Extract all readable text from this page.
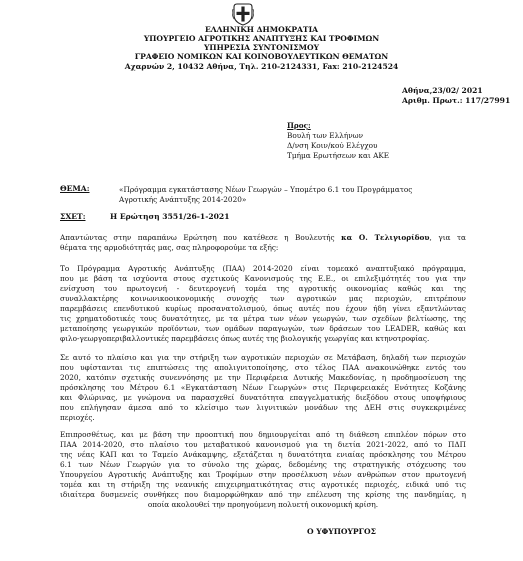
ΕΛΛΗΝΙΚΗ ΔΗΜΟΚΡΑΤΙΑ
ΥΠΟΥΡΓΕΙΟ ΑΓΡΟΤΙΚΗΣ ΑΝΑΠΤΥΞΗΣ ΚΑΙ ΤΡΟΦΙΜΩΝ
ΥΠΗΡΕΣΙΑ ΣΥΝΤΟΝΙΣΜΟΥ
ΓΡΑΦΕΙΟ ΝΟΜΙΚΩΝ ΚΑΙ ΚΟΙΝΟΒΟΥΛΕΥΤΙΚΩΝ ΘΕΜΑΤΩΝ
Αχαρνών 2, 10432 Αθήνα, Τηλ. 210-2124331, Fax: 210-2124524
Αθήνα,23/02/ 2021
Αριθμ. Πρωτ.: 117/27991
Προς:
Βουλή των Ελλήνων
Δ/νση Κοιν/κού Ελέγχου
Τμήμα Ερωτήσεων και ΑΚΕ
ΘΕΜΑ:	«Πρόγραμμα εγκατάστασης Νέων Γεωργών – Υπομέτρο 6.1 του Προγράμματος
Αγροτικής Ανάπτυξης 2014-2020»
ΣΧΕΤ:	Η Ερώτηση 3551/26-1-2021
Απαντώντας στην παραπάνω Ερώτηση που κατέθεσε η Βουλευτής κα Ο. Τελιγιορίδου, για τα
θέματα της αρμοδιότητάς μας, σας πληροφορούμε τα εξής:
Το Πρόγραμμα Αγροτικής Ανάπτυξης (ΠΑΑ) 2014-2020 είναι τομεακό αναπτυξιακό πρόγραμμα,
που με βάση τα ισχύοντα στους σχετικούς Κανονισμούς της Ε.Ε., οι επιλεξιμότητές του για την
ενίσχυση του πρωτογενή - δευτερογενή τομέα της αγροτικής οικονομίας καθώς και της
συναλλακτέρης κοινωνικοοικονομικής συνοχής των αγροτικών μας περιοχών, επιτρέπουν
παρεμβάσεις επενδυτικού κυρίως προσανατολισμού, όπως αυτές που έχουν ήδη γίνει εξαντλώντας
τις χρηματοδοτικές τους δυνατότητες, με τα μέτρα των νέων γεωργών, των σχεδίων βελτίωσης, της
μεταποίησης γεωργικών προϊόντων, των ομάδων παραγωγών, των δράσεων του LEADER, καθώς και
φιλο-γεωργοπεριβαλλοντικές παρεμβάσεις όπως αυτές της βιολογικής γεωργίας και κτηνοτροφίας.
Σε αυτό το πλαίσιο και για την στήριξη των αγροτικών περιοχών σε Μετάβαση, δηλαδή των περιοχών
που υφίστανται τις επιπτώσεις της απολιγνιτοποίησης, στο τέλος ΠΑΑ ανακοινώθηκε εντός του
2020, κατόπιν σχετικής συνεννόησης με την Περιφέρεια Δυτικής Μακεδονίας, η προδημοσίευση της
πρόσκλησης του Μέτρου 6.1 «Εγκατάσταση Νέων Γεωργών» στις Περιφερειακές Ενότητες Κοζάνης
και Φλώρινας, με γνώμονα να παρασχεθεί δυνατότητα επαγγελματικής διεξόδου στους υποψήφιους
που επλήγησαν άμεσα από το κλείσιμο των λιγνιτικών μονάδων της ΔΕΗ στις συγκεκριμένες
περιοχές.
Επιπροσθέτως, και με βάση την προοπτική που δημιουργείται από τη διάθεση επιπλέον πόρων στο
ΠΑΑ 2014-2020, στο πλαίσιο του μεταβατικού κανονισμού για τη διετία 2021-2022, από το ΠΔΠ
της νέας ΚΑΠ και το Ταμείο Ανάκαμψης, εξετάζεται η δυνατότητα ενιαίας πρόσκλησης του Μέτρου
6.1 των Νέων Γεωργών για το σύνολο της χώρας, δεδομένης της στρατηγικής στόχευσης του
Υπουργείου Αγροτικής Ανάπτυξης και Τροφίμων στην προσέλκυση νέων ανθρώπων στον πρωτογενή
τομέα και τη στήριξη της νεανικής επιχειρηματικότητας στις αγροτικές περιοχές, ειδικά υπό τις
ιδιαίτερα δυσμενείς συνθήκες που διαμορφώθηκαν από την επέλευση της κρίσης της πανδημίας, η
οποία ακολουθεί την προηγούμενη πολυετή οικονομική κρίση.
Ο ΥΦΥΠΟΥΡΓΟΣ
